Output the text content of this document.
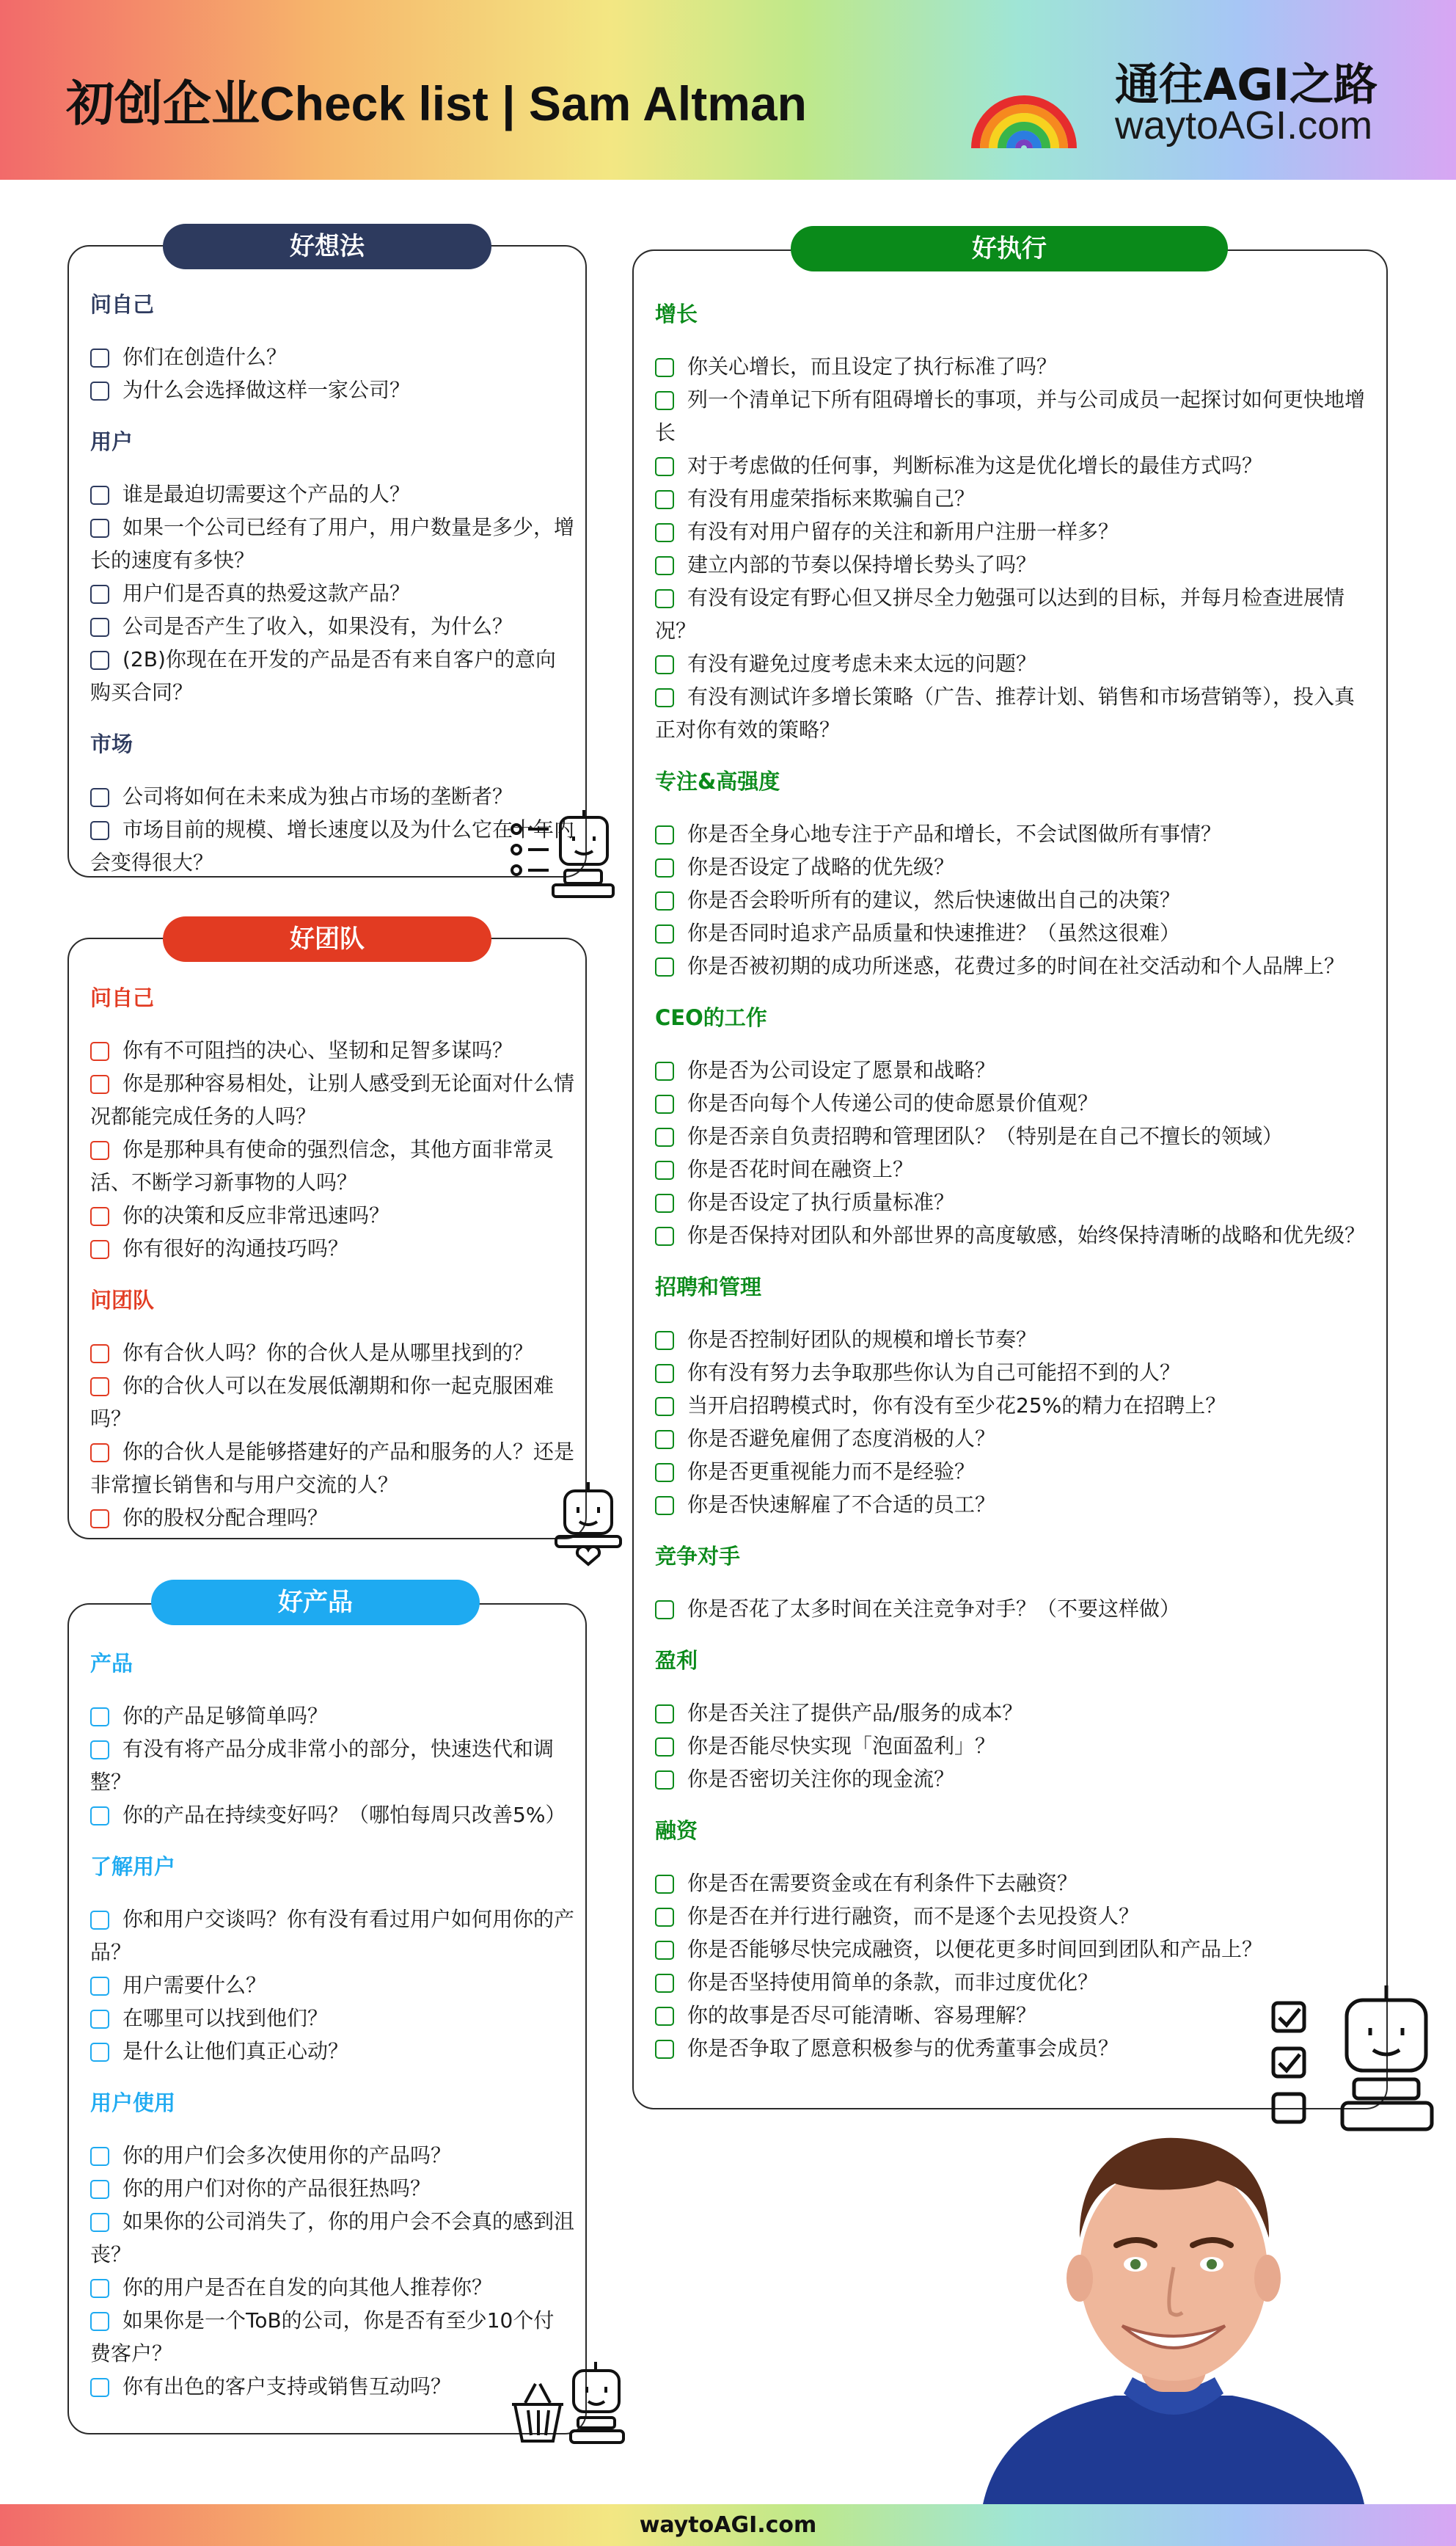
初创企业Check list | Sam Altman	通往AGI之路
waytoAGI.com
好想法
问自己
你们在创造什么？
为什么会选择做这样一家公司？
用户
谁是最迫切需要这个产品的人？
如果一个公司已经有了用户，用户数量是多少，增长的速度有多快？
用户们是否真的热爱这款产品？
公司是否产生了收入，如果没有，为什么？
(2B)你现在在开发的产品是否有来自客户的意向购买合同？
市场
公司将如何在未来成为独占市场的垄断者？
市场目前的规模、增长速度以及为什么它在十年内会变得很大？
好团队
问自己
你有不可阻挡的决心、坚韧和足智多谋吗？
你是那种容易相处，让别人感受到无论面对什么情况都能完成任务的人吗？
你是那种具有使命的强烈信念，其他方面非常灵活、不断学习新事物的人吗？
你的决策和反应非常迅速吗？
你有很好的沟通技巧吗？
问团队
你有合伙人吗？你的合伙人是从哪里找到的？
你的合伙人可以在发展低潮期和你一起克服困难吗？
你的合伙人是能够搭建好的产品和服务的人？还是非常擅长销售和与用户交流的人？
你的股权分配合理吗？
好产品
产品
你的产品足够简单吗？
有没有将产品分成非常小的部分，快速迭代和调整？
你的产品在持续变好吗？（哪怕每周只改善5%）
了解用户
你和用户交谈吗？你有没有看过用户如何用你的产品？
用户需要什么？
在哪里可以找到他们？
是什么让他们真正心动？
用户使用
你的用户们会多次使用你的产品吗？
你的用户们对你的产品很狂热吗？
如果你的公司消失了，你的用户会不会真的感到沮丧？
你的用户是否在自发的向其他人推荐你？
如果你是一个ToB的公司，你是否有至少10个付费客户？
你有出色的客户支持或销售互动吗？
好执行
增长
你关心增长，而且设定了执行标准了吗？
列一个清单记下所有阻碍增长的事项，并与公司成员一起探讨如何更快地增长
对于考虑做的任何事，判断标准为这是优化增长的最佳方式吗？
有没有用虚荣指标来欺骗自己？
有没有对用户留存的关注和新用户注册一样多？
建立内部的节奏以保持增长势头了吗？
有没有设定有野心但又拼尽全力勉强可以达到的目标，并每月检查进展情况？
有没有避免过度考虑未来太远的问题？
有没有测试许多增长策略（广告、推荐计划、销售和市场营销等），投入真正对你有效的策略？
专注&高强度
你是否全身心地专注于产品和增长，不会试图做所有事情？
你是否设定了战略的优先级？
你是否会聆听所有的建议，然后快速做出自己的决策？
你是否同时追求产品质量和快速推进？（虽然这很难）
你是否被初期的成功所迷惑，花费过多的时间在社交活动和个人品牌上？
CEO的工作
你是否为公司设定了愿景和战略？
你是否向每个人传递公司的使命愿景价值观？
你是否亲自负责招聘和管理团队？（特别是在自己不擅长的领域）
你是否花时间在融资上？
你是否设定了执行质量标准？
你是否保持对团队和外部世界的高度敏感，始终保持清晰的战略和优先级？
招聘和管理
你是否控制好团队的规模和增长节奏？
你有没有努力去争取那些你认为自己可能招不到的人？
当开启招聘模式时，你有没有至少花25%的精力在招聘上？
你是否避免雇佣了态度消极的人？
你是否更重视能力而不是经验？
你是否快速解雇了不合适的员工？
竞争对手
你是否花了太多时间在关注竞争对手？（不要这样做）
盈利
你是否关注了提供产品/服务的成本？
你是否能尽快实现「泡面盈利」？
你是否密切关注你的现金流？
融资
你是否在需要资金或在有利条件下去融资？
你是否在并行进行融资，而不是逐个去见投资人？
你是否能够尽快完成融资，以便花更多时间回到团队和产品上？
你是否坚持使用简单的条款，而非过度优化？
你的故事是否尽可能清晰、容易理解？
你是否争取了愿意积极参与的优秀董事会成员？
waytoAGI.com
